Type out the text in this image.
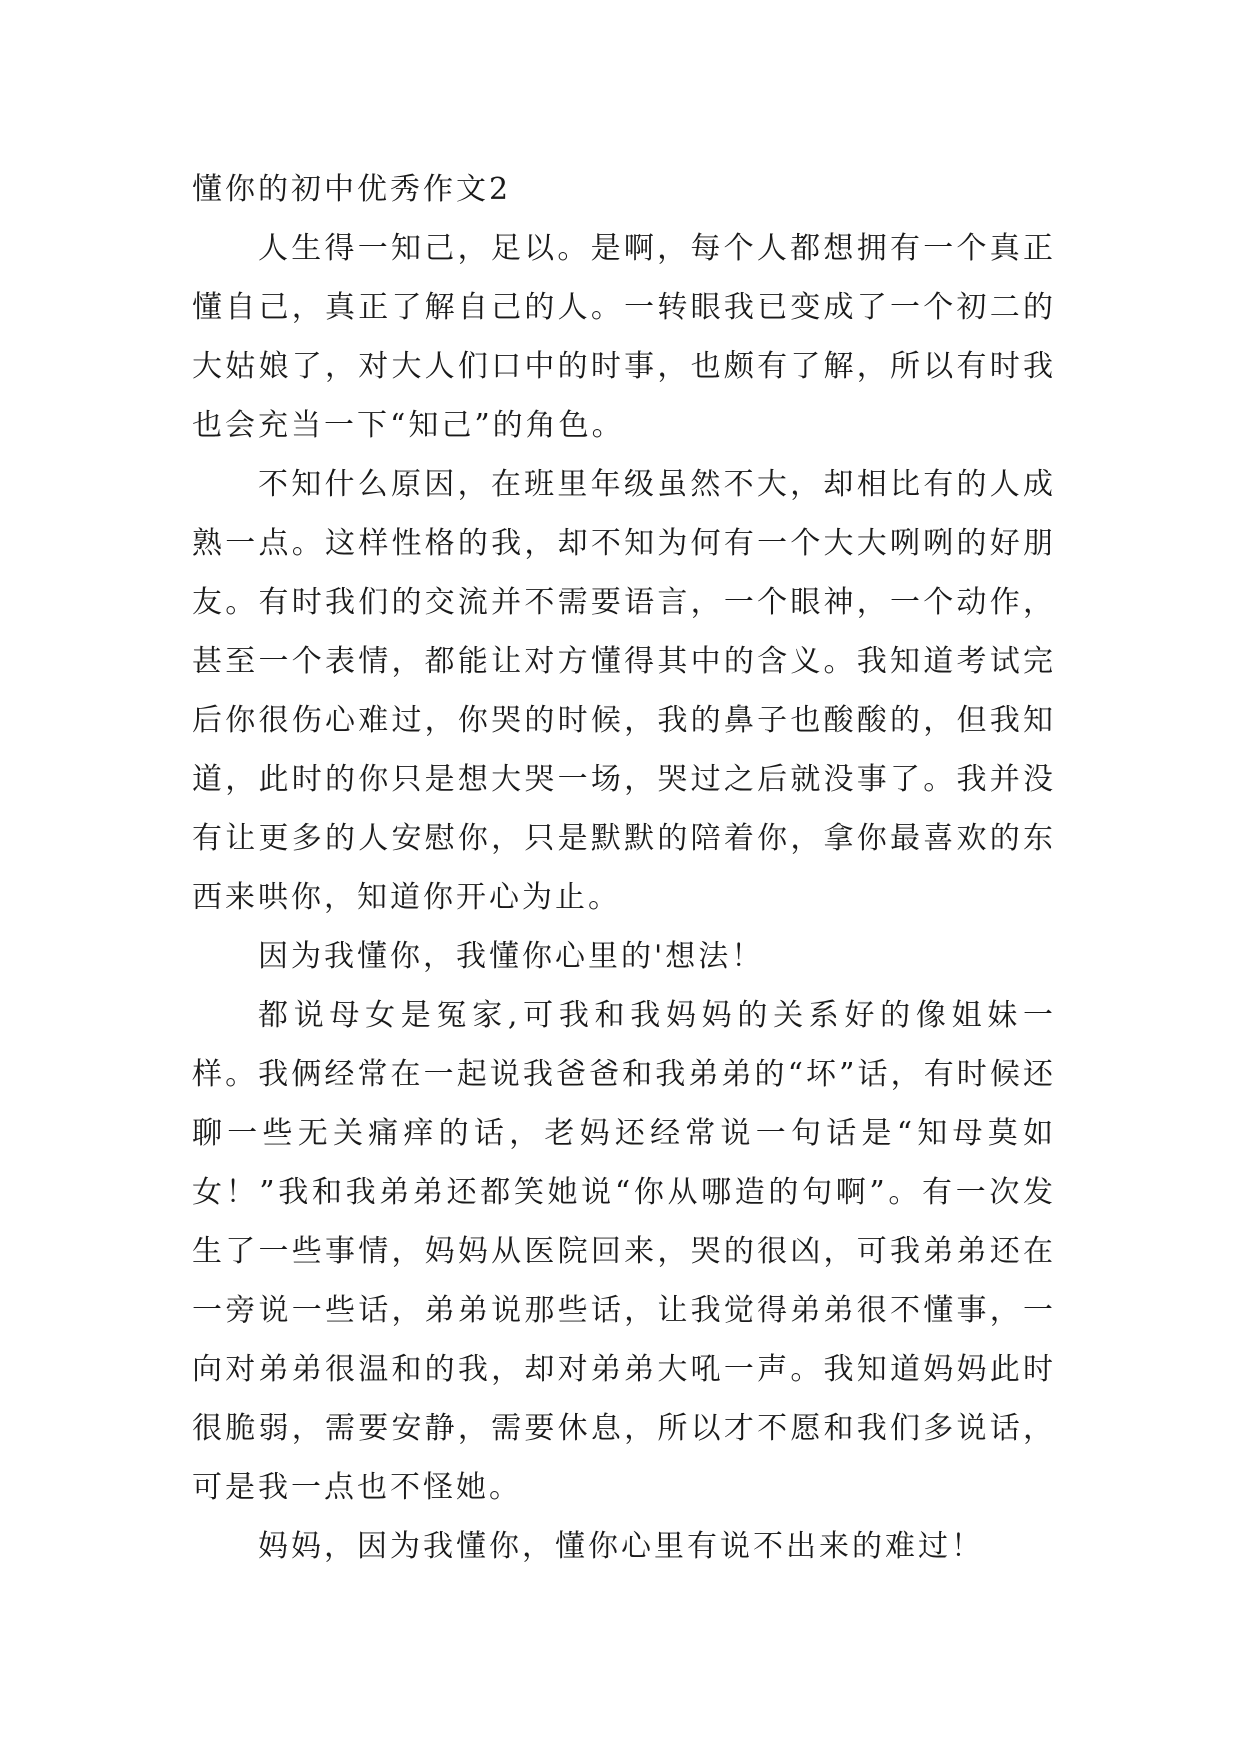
懂你的初中优秀作文2

人生得一知己，足以。是啊，每个人都想拥有一个真正懂自己，真正了解自己的人。一转眼我已变成了一个初二的大姑娘了，对大人们口中的时事，也颇有了解，所以有时我也会充当一下“知己”的角色。

不知什么原因，在班里年级虽然不大，却相比有的人成熟一点。这样性格的我，却不知为何有一个大大咧咧的好朋友。有时我们的交流并不需要语言，一个眼神，一个动作，甚至一个表情，都能让对方懂得其中的含义。我知道考试完后你很伤心难过，你哭的时候，我的鼻子也酸酸的，但我知道，此时的你只是想大哭一场，哭过之后就没事了。我并没有让更多的人安慰你，只是默默的陪着你，拿你最喜欢的东西来哄你，知道你开心为止。

因为我懂你，我懂你心里的'想法！

都说母女是冤家,可我和我妈妈的关系好的像姐妹一样。我俩经常在一起说我爸爸和我弟弟的“坏”话，有时候还聊一些无关痛痒的话，老妈还经常说一句话是“知母莫如女！”我和我弟弟还都笑她说“你从哪造的句啊”。有一次发生了一些事情，妈妈从医院回来，哭的很凶，可我弟弟还在一旁说一些话，弟弟说那些话，让我觉得弟弟很不懂事，一向对弟弟很温和的我，却对弟弟大吼一声。我知道妈妈此时很脆弱，需要安静，需要休息，所以才不愿和我们多说话，可是我一点也不怪她。

妈妈，因为我懂你，懂你心里有说不出来的难过！
